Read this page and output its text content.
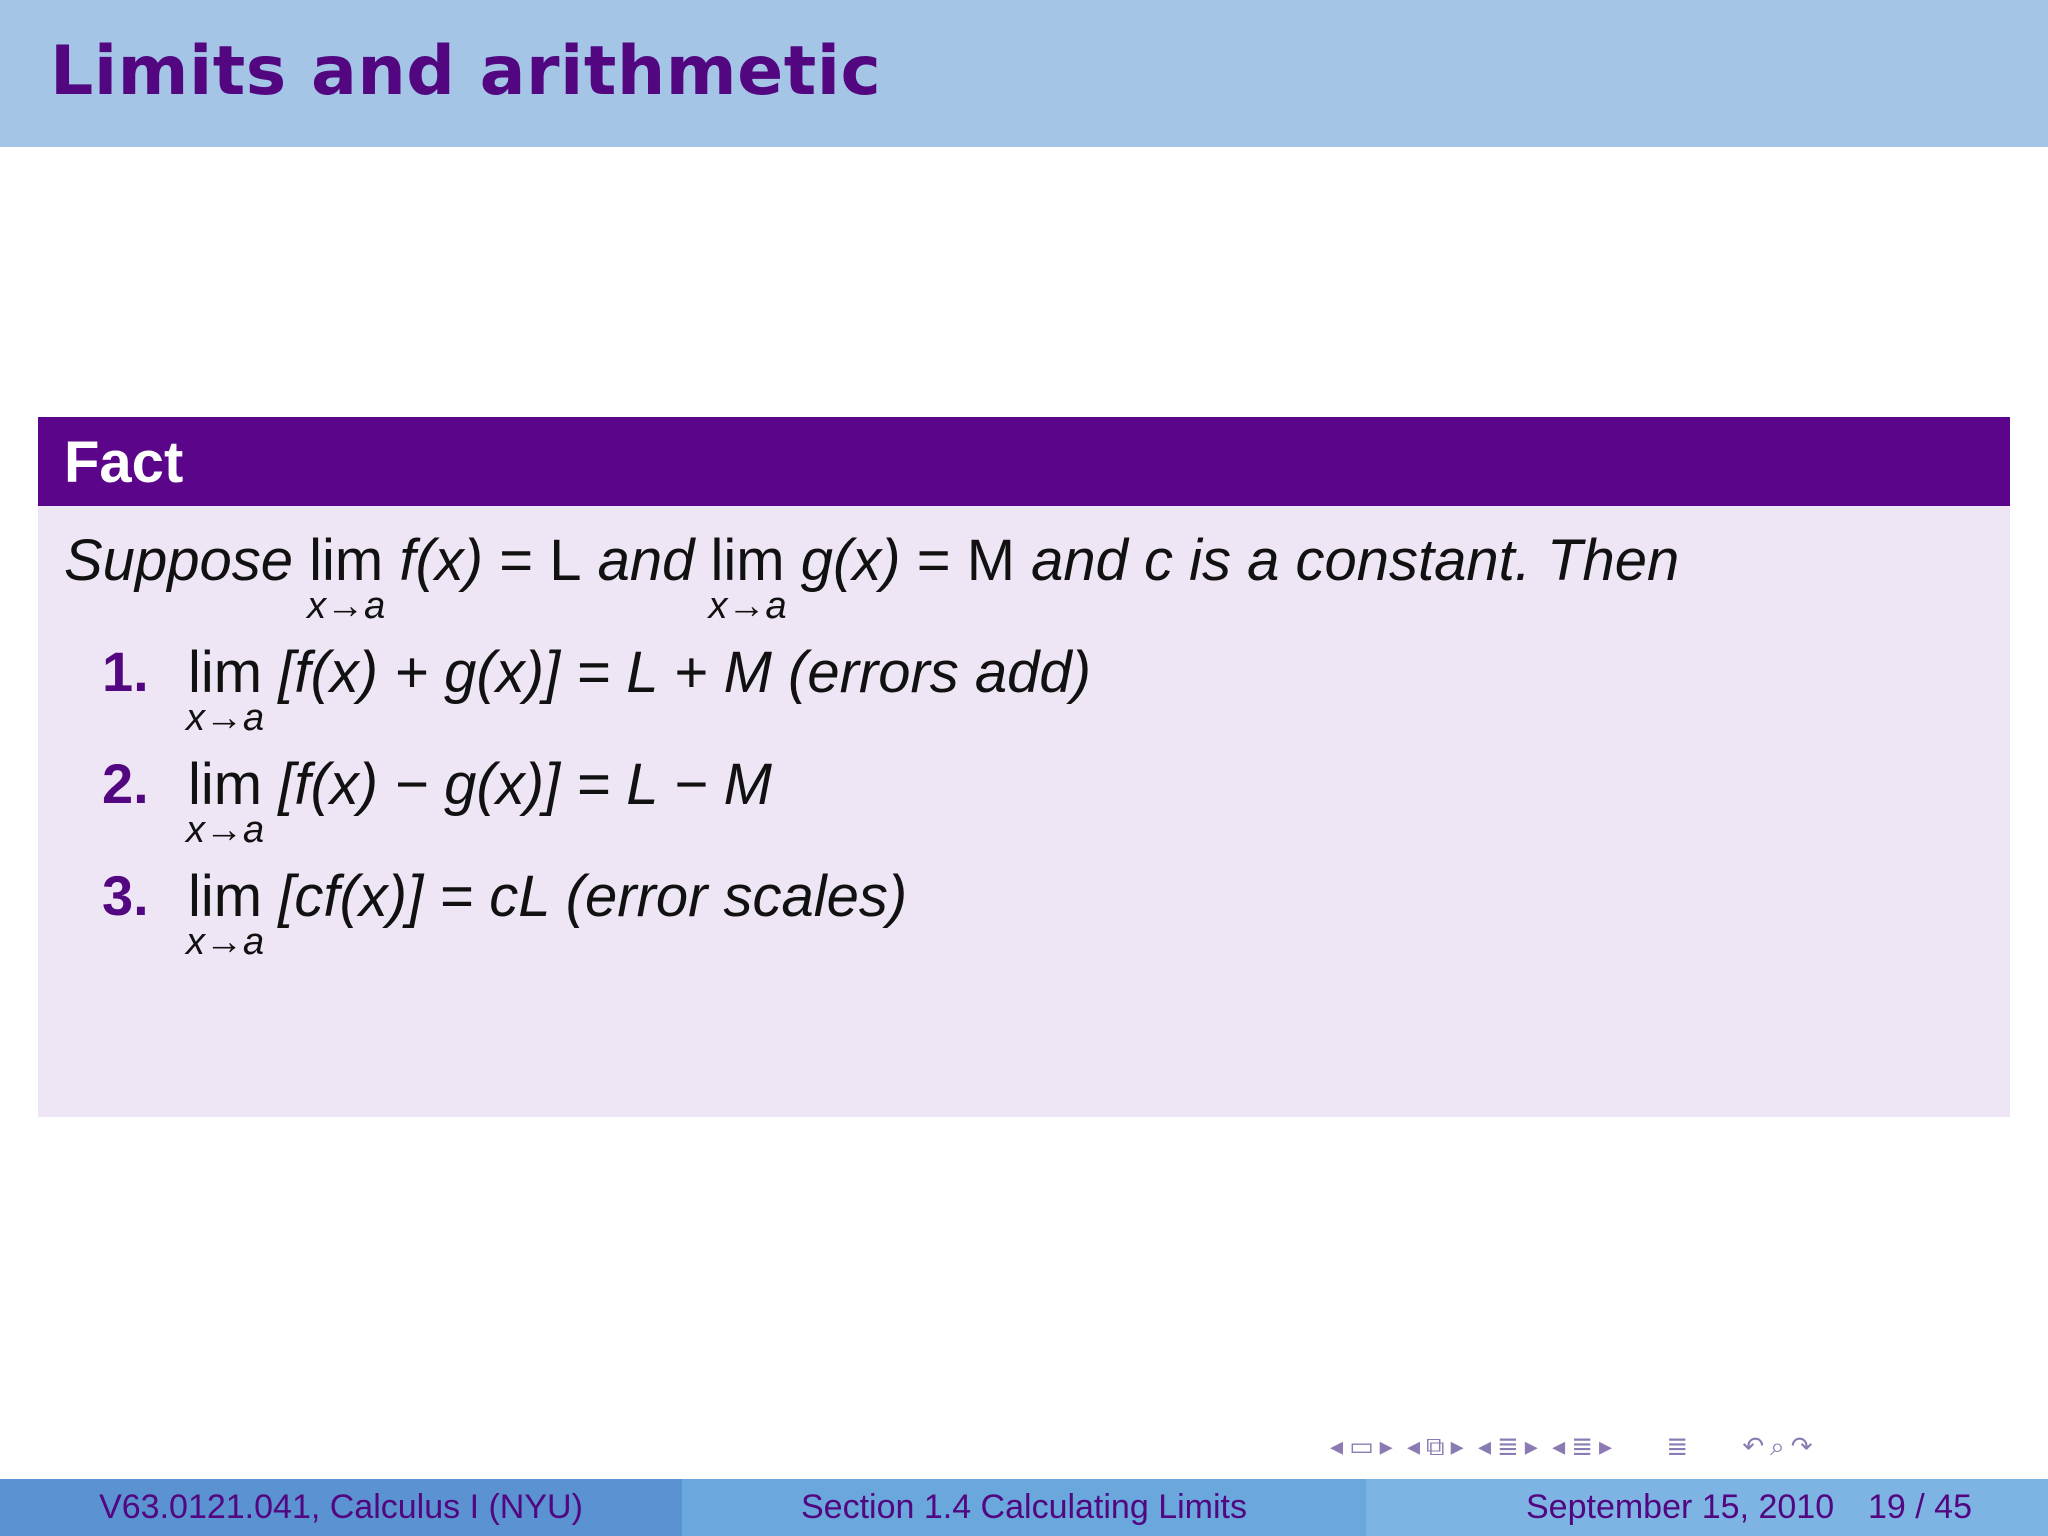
Limits and arithmetic
Fact
Suppose lim
x→a
f(x) = L and lim
x→a
g(x) = M and c is a constant. Then
1. lim
x→a
[f(x) + g(x)] = L + M (errors add)
2. lim
x→a
[f(x) − g(x)] = L − M
3. lim
x→a
[cf(x)] = cL (error scales)
◂ ▭ ▸ ◂ ⧉ ▸ ◂ ≣ ▸ ◂ ≣ ▸ ≣ ↶ ⌕ ↷
V63.0121.041, Calculus I (NYU)	Section 1.4 Calculating Limits	September 15, 2010 19 / 45
